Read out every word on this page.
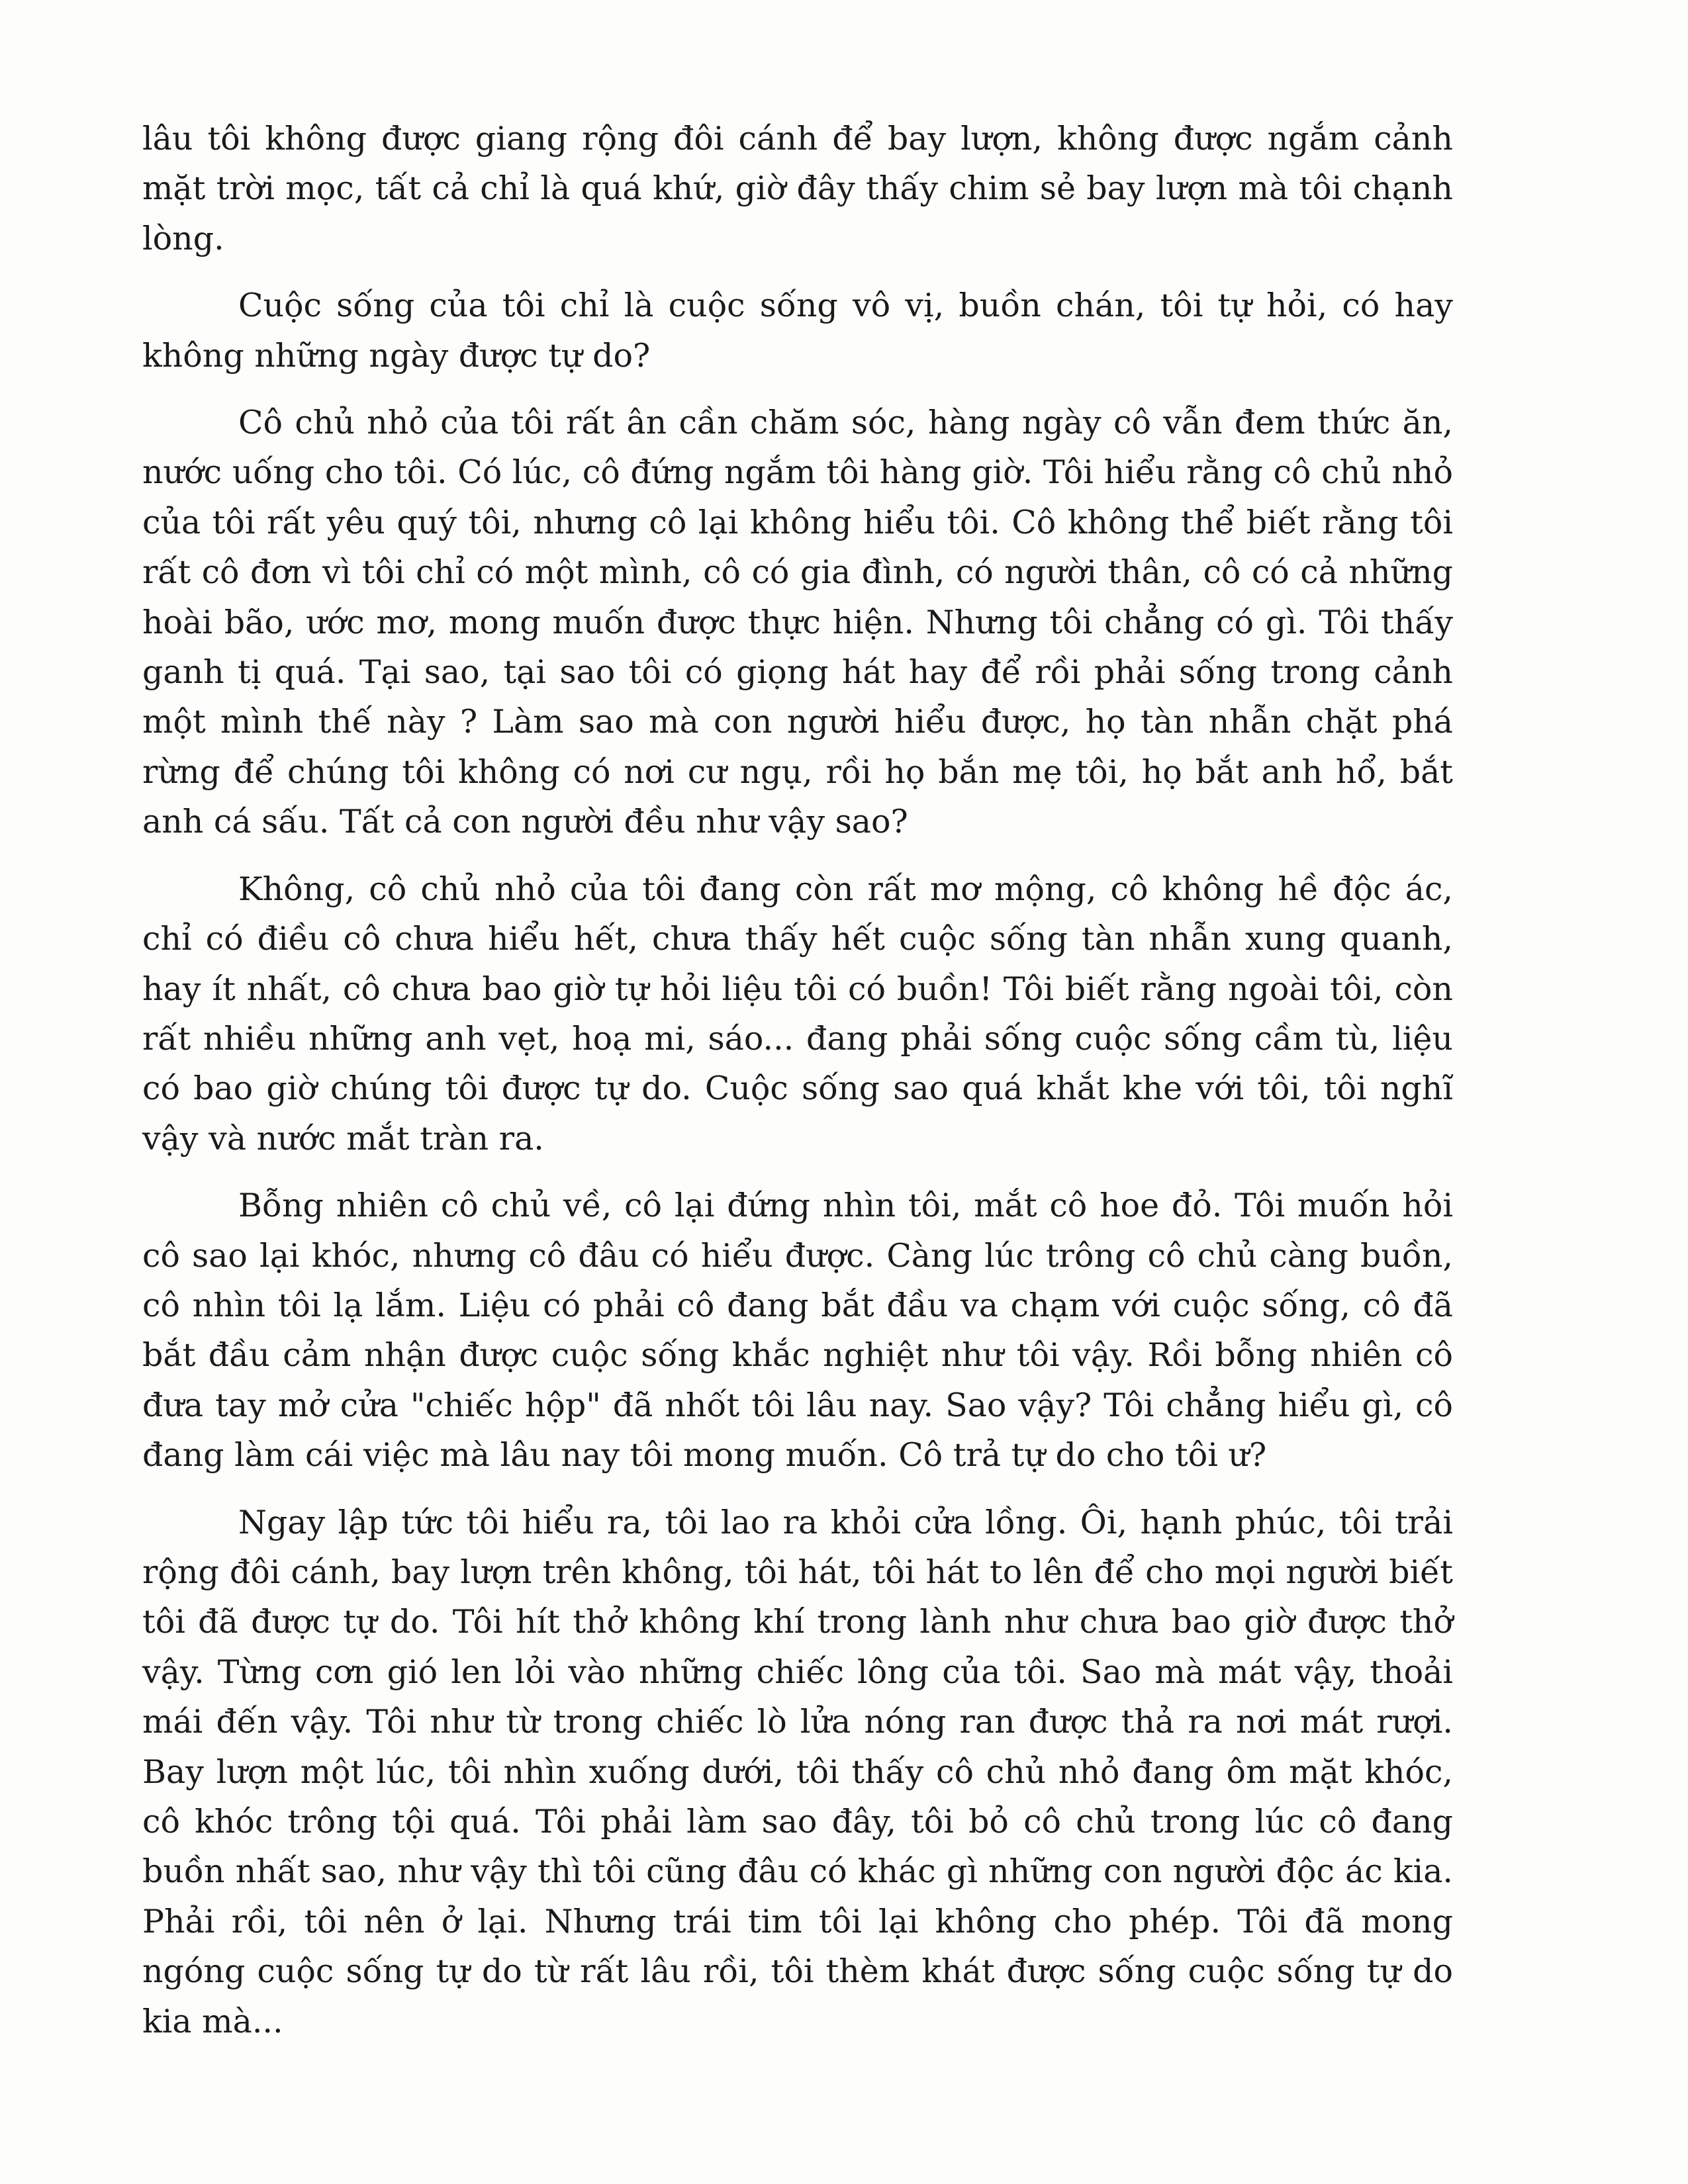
lâu tôi không được giang rộng đôi cánh để bay lượn, không được ngắm cảnh mặt trời mọc, tất cả chỉ là quá khứ, giờ đây thấy chim sẻ bay lượn mà tôi chạnh lòng.

Cuộc sống của tôi chỉ là cuộc sống vô vị, buồn chán, tôi tự hỏi, có hay không những ngày được tự do?

Cô chủ nhỏ của tôi rất ân cần chăm sóc, hàng ngày cô vẫn đem thức ăn, nước uống cho tôi. Có lúc, cô đứng ngắm tôi hàng giờ. Tôi hiểu rằng cô chủ nhỏ của tôi rất yêu quý tôi, nhưng cô lại không hiểu tôi. Cô không thể biết rằng tôi rất cô đơn vì tôi chỉ có một mình, cô có gia đình, có người thân, cô có cả những hoài bão, ước mơ, mong muốn được thực hiện. Nhưng tôi chẳng có gì. Tôi thấy ganh tị quá. Tại sao, tại sao tôi có giọng hát hay để rồi phải sống trong cảnh một mình thế này ? Làm sao mà con người hiểu được, họ tàn nhẫn chặt phá rừng để chúng tôi không có nơi cư ngụ, rồi họ bắn mẹ tôi, họ bắt anh hổ, bắt anh cá sấu. Tất cả con người đều như vậy sao?

Không, cô chủ nhỏ của tôi đang còn rất mơ mộng, cô không hề độc ác, chỉ có điều cô chưa hiểu hết, chưa thấy hết cuộc sống tàn nhẫn xung quanh, hay ít nhất, cô chưa bao giờ tự hỏi liệu tôi có buồn! Tôi biết rằng ngoài tôi, còn rất nhiều những anh vẹt, hoạ mi, sáo... đang phải sống cuộc sống cầm tù, liệu có bao giờ chúng tôi được tự do. Cuộc sống sao quá khắt khe với tôi, tôi nghĩ vậy và nước mắt tràn ra.

Bỗng nhiên cô chủ về, cô lại đứng nhìn tôi, mắt cô hoe đỏ. Tôi muốn hỏi cô sao lại khóc, nhưng cô đâu có hiểu được. Càng lúc trông cô chủ càng buồn, cô nhìn tôi lạ lắm. Liệu có phải cô đang bắt đầu va chạm với cuộc sống, cô đã bắt đầu cảm nhận được cuộc sống khắc nghiệt như tôi vậy. Rồi bỗng nhiên cô đưa tay mở cửa "chiếc hộp" đã nhốt tôi lâu nay. Sao vậy? Tôi chẳng hiểu gì, cô đang làm cái việc mà lâu nay tôi mong muốn. Cô trả tự do cho tôi ư?

Ngay lập tức tôi hiểu ra, tôi lao ra khỏi cửa lồng. Ôi, hạnh phúc, tôi trải rộng đôi cánh, bay lượn trên không, tôi hát, tôi hát to lên để cho mọi người biết tôi đã được tự do. Tôi hít thở không khí trong lành như chưa bao giờ được thở vậy. Từng cơn gió len lỏi vào những chiếc lông của tôi. Sao mà mát vậy, thoải mái đến vậy. Tôi như từ trong chiếc lò lửa nóng ran được thả ra nơi mát rượi. Bay lượn một lúc, tôi nhìn xuống dưới, tôi thấy cô chủ nhỏ đang ôm mặt khóc, cô khóc trông tội quá. Tôi phải làm sao đây, tôi bỏ cô chủ trong lúc cô đang buồn nhất sao, như vậy thì tôi cũng đâu có khác gì những con người độc ác kia. Phải rồi, tôi nên ở lại. Nhưng trái tim tôi lại không cho phép. Tôi đã mong ngóng cuộc sống tự do từ rất lâu rồi, tôi thèm khát được sống cuộc sống tự do kia mà...
